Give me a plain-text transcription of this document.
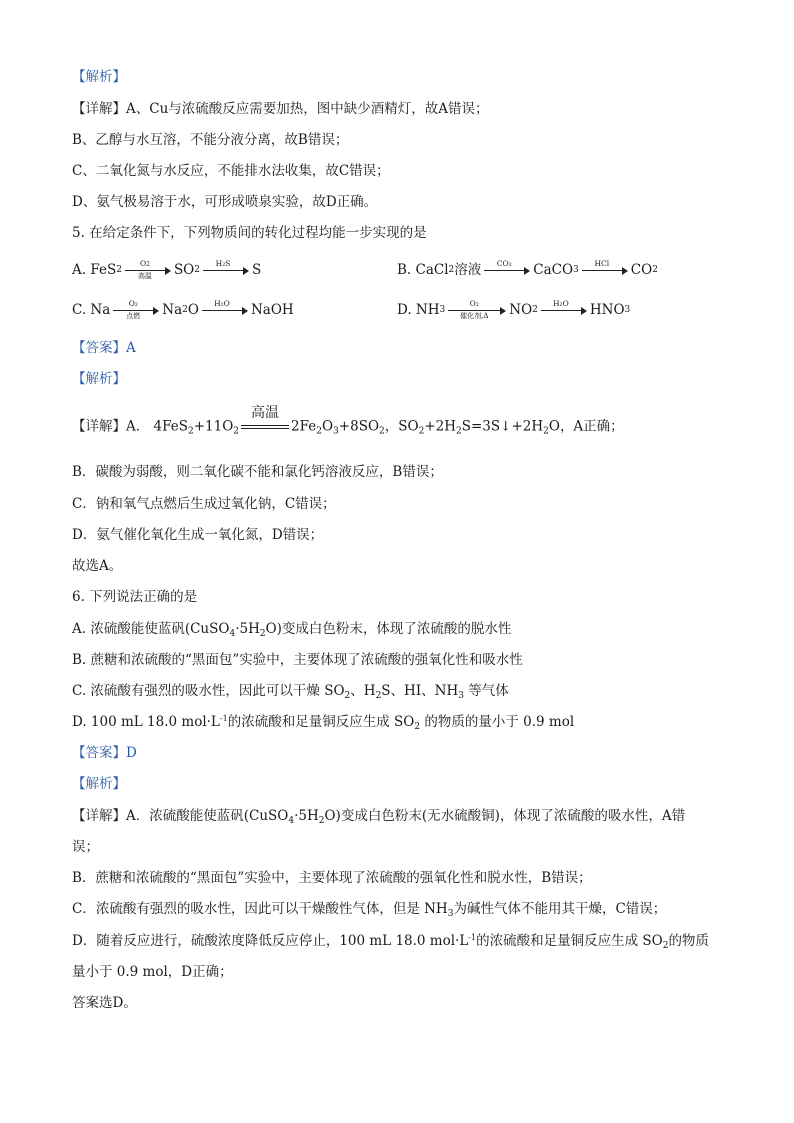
【解析】
【详解】A、Cu与浓硫酸反应需要加热，图中缺少酒精灯，故A错误；
B、乙醇与水互溶，不能分液分离，故B错误；
C、二氧化氮与水反应，不能排水法收集，故C错误；
D、氨气极易溶于水，可形成喷泉实验，故D正确。
5. 在给定条件下，下列物质间的转化过程均能一步实现的是
A. FeS 2
O2
高温	SO 2
H₂S	S	B. CaCl 2 溶液	CO₂	CaCO 3
HCl	CO 2
C. Na	O₂
点燃	Na 2 O	H₂O	NaOH	D. NH 3
O₂
催化剂,Δ	NO 2
H₂O	HNO 3
【答案】A
【解析】
【详解】A． $4FeS_2+11O_2$
高温
$2Fe_2O_3+8SO_2$，$SO_2+2H_2S=3S↓+2H_2O$，A正确；
B．碳酸为弱酸，则二氧化碳不能和氯化钙溶液反应，B错误；
C．钠和氧气点燃后生成过氧化钠，C错误；
D．氨气催化氧化生成一氧化氮，D错误；
故选A。
6. 下列说法正确的是
A. 浓硫酸能使蓝矾$(CuSO_4\cdot 5H_2O)$变成白色粉末，体现了浓硫酸的脱水性
B. 蔗糖和浓硫酸的“黑面包”实验中，主要体现了浓硫酸的强氧化性和吸水性
C. 浓硫酸有强烈的吸水性，因此可以干燥 $SO_2$、$H_2S$、HI、$NH_3$ 等气体
D. 100 mL 18.0 $mol\cdot L^{-1}$的浓硫酸和足量铜反应生成 $SO_2$ 的物质的量小于 0.9 mol
【答案】D
【解析】
【详解】A．浓硫酸能使蓝矾$(CuSO_4\cdot 5H_2O)$变成白色粉末(无水硫酸铜)，体现了浓硫酸的吸水性，A错
误；
B．蔗糖和浓硫酸的“黑面包”实验中，主要体现了浓硫酸的强氧化性和脱水性，B错误；
C．浓硫酸有强烈的吸水性，因此可以干燥酸性气体，但是 $NH_3$为碱性气体不能用其干燥，C错误；
D．随着反应进行，硫酸浓度降低反应停止，100 mL 18.0 $mol\cdot L^{-1}$的浓硫酸和足量铜反应生成 $SO_2$的物质
量小于 0.9 mol，D正确；
答案选D。
